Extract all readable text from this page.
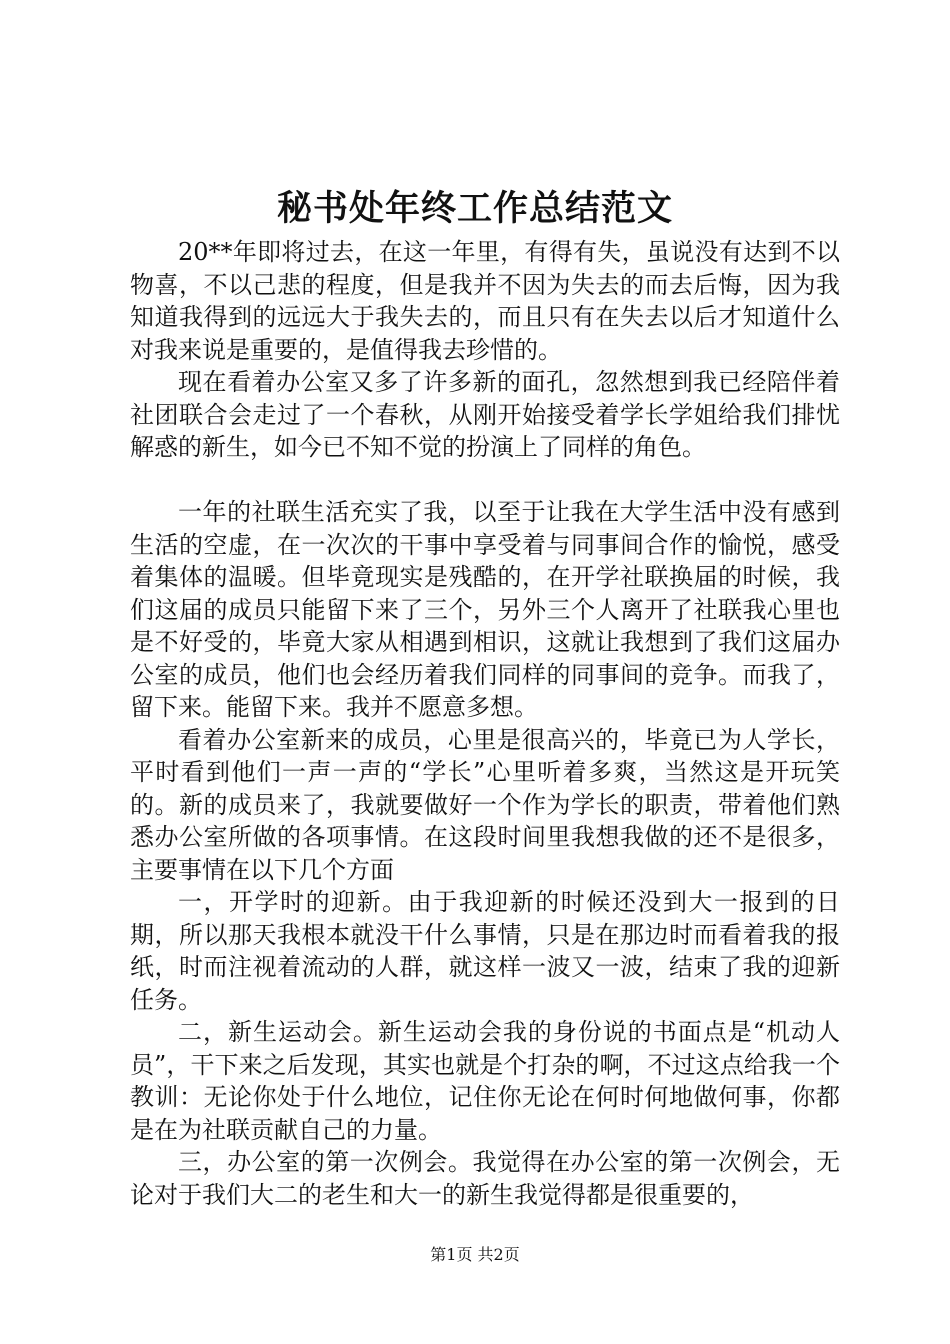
秘书处年终工作总结范文

20**年即将过去，在这一年里，有得有失，虽说没有达到不以物喜，不以己悲的程度，但是我并不因为失去的而去后悔，因为我知道我得到的远远大于我失去的，而且只有在失去以后才知道什么对我来说是重要的，是值得我去珍惜的。

现在看着办公室又多了许多新的面孔，忽然想到我已经陪伴着社团联合会走过了一个春秋，从刚开始接受着学长学姐给我们排忧解惑的新生，如今已不知不觉的扮演上了同样的角色。

一年的社联生活充实了我，以至于让我在大学生活中没有感到生活的空虚，在一次次的干事中享受着与同事间合作的愉悦，感受着集体的温暖。但毕竟现实是残酷的，在开学社联换届的时候，我们这届的成员只能留下来了三个，另外三个人离开了社联我心里也是不好受的，毕竟大家从相遇到相识，这就让我想到了我们这届办公室的成员，他们也会经历着我们同样的同事间的竞争。而我了，留下来。能留下来。我并不愿意多想。

看着办公室新来的成员，心里是很高兴的，毕竟已为人学长，平时看到他们一声一声的“学长”心里听着多爽，当然这是开玩笑的。新的成员来了，我就要做好一个作为学长的职责，带着他们熟悉办公室所做的各项事情。在这段时间里我想我做的还不是很多，主要事情在以下几个方面

一，开学时的迎新。由于我迎新的时候还没到大一报到的日期，所以那天我根本就没干什么事情，只是在那边时而看着我的报纸，时而注视着流动的人群，就这样一波又一波，结束了我的迎新任务。

二，新生运动会。新生运动会我的身份说的书面点是“机动人员”，干下来之后发现，其实也就是个打杂的啊，不过这点给我一个教训：无论你处于什么地位，记住你无论在何时何地做何事，你都是在为社联贡献自己的力量。

三，办公室的第一次例会。我觉得在办公室的第一次例会，无论对于我们大二的老生和大一的新生我觉得都是很重要的，

第1页 共2页
